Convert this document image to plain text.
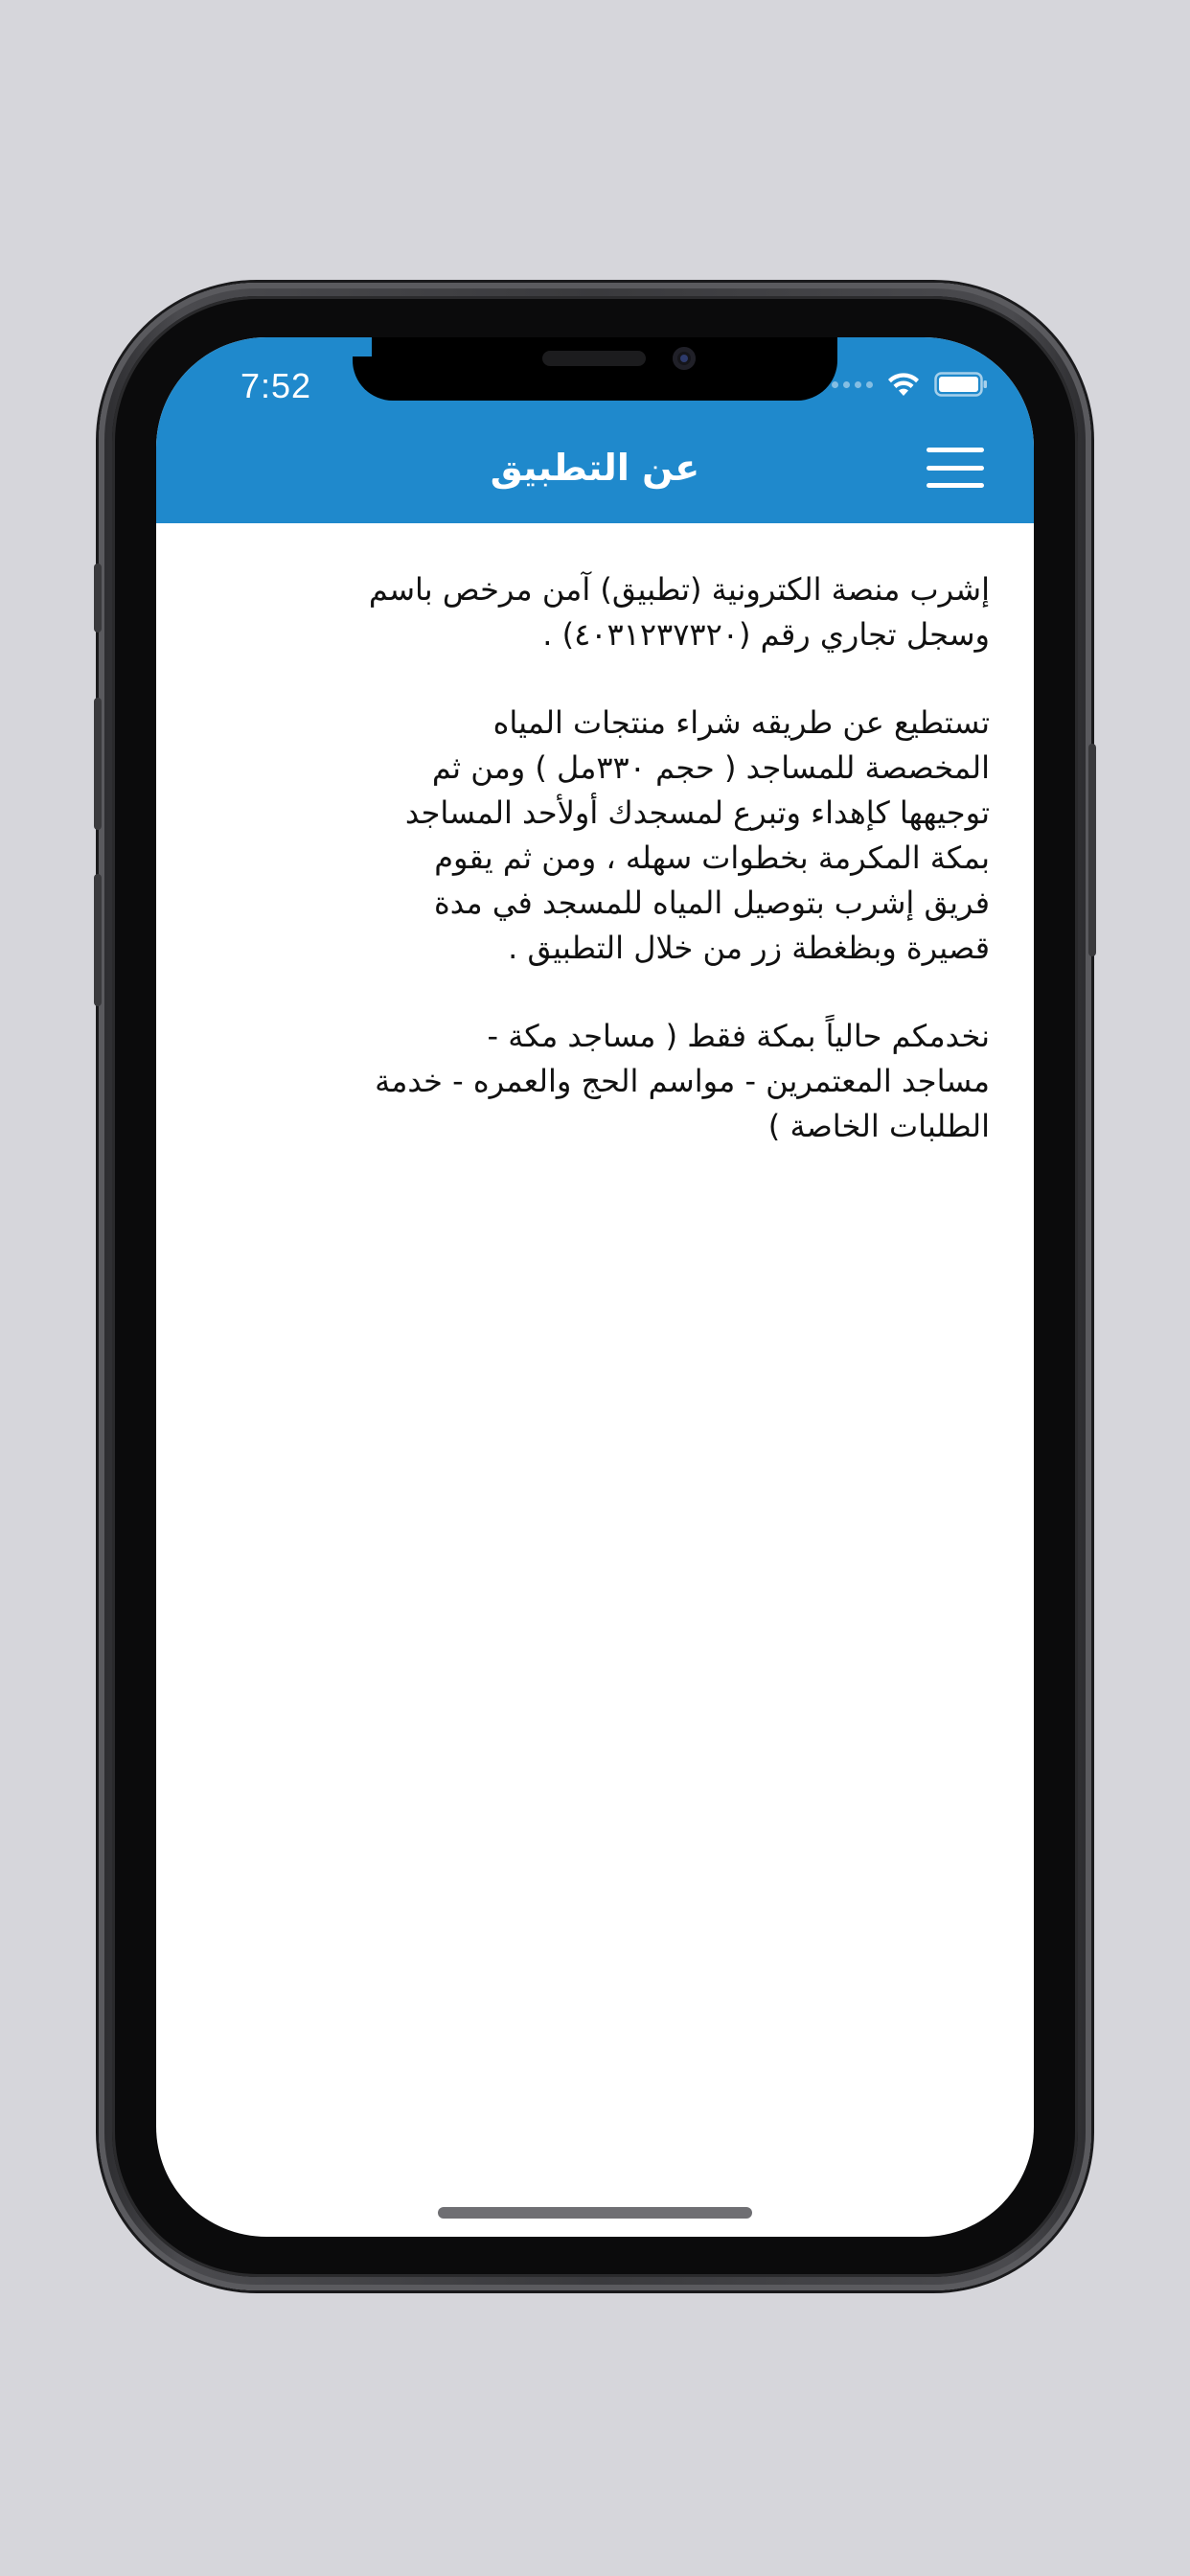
7:52
عن التطبيق

إشرب منصة الكترونية (تطبيق) آمن مرخص باسم
وسجل تجاري رقم (٤٠٣١٢٣٧٣٢٠) .

تستطيع عن طريقه شراء منتجات المياه
المخصصة للمساجد ( حجم ٣٣٠مل ) ومن ثم
توجيهها كإهداء وتبرع لمسجدك أولأحد المساجد
بمكة المكرمة بخطوات سهله ، ومن ثم يقوم
فريق إشرب بتوصيل المياه للمسجد في مدة
قصيرة وبظغطة زر من خلال التطبيق .

نخدمكم حالياً بمكة فقط ( مساجد مكة -
مساجد المعتمرين - مواسم الحج والعمره - خدمة
الطلبات الخاصة )
